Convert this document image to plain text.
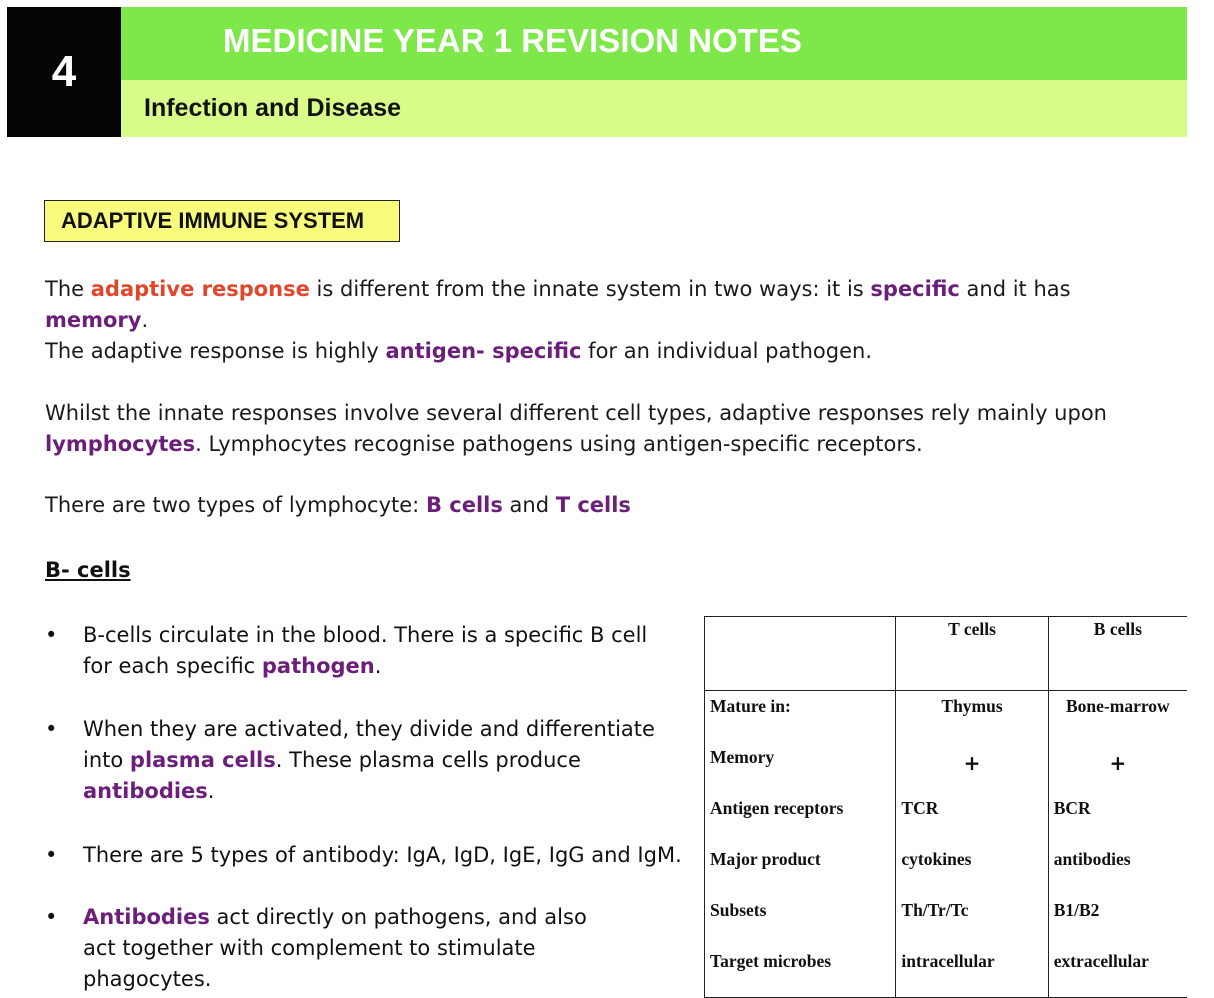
4
MEDICINE YEAR 1 REVISION NOTES
Infection and Disease
ADAPTIVE IMMUNE SYSTEM

The adaptive response is different from the innate system in two ways: it is specific and it has memory.

The adaptive response is highly antigen- specific for an individual pathogen.

Whilst the innate responses involve several different cell types, adaptive responses rely mainly upon
lymphocytes. Lymphocytes recognise pathogens using antigen-specific receptors.

There are two types of lymphocyte: B cells and T cells

B- cells

•	B-cells circulate in the blood. There is a specific B cell for each specific pathogen.
•	When they are activated, they divide and differentiate into plasma cells. These plasma cells produce
antibodies.
•	There are 5 types of antibody: IgA, IgD, IgE, IgG and IgM.
•	Antibodies act directly on pathogens, and also act together with complement to stimulate phagocytes.
	T cells	B cells
Mature in:	Thymus	Bone-marrow
Memory	+	+
Antigen receptors	TCR	BCR
Major product	cytokines	antibodies
Subsets	Th/Tr/Tc	B1/B2
Target microbes	intracellular	extracellular
